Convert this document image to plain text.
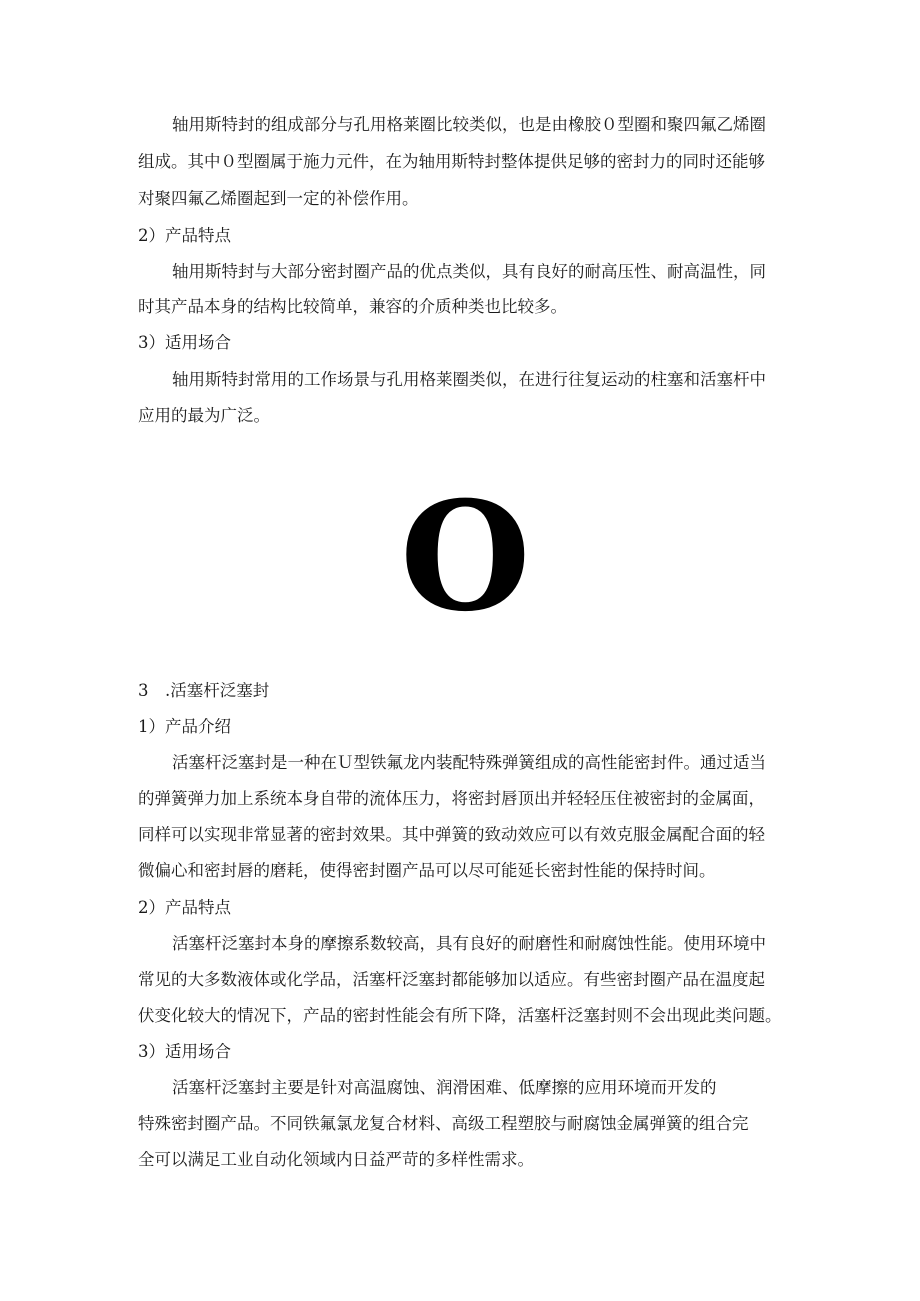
轴用斯特封的组成部分与孔用格莱圈比较类似，也是由橡胶０型圈和聚四氟乙烯圈

组成。其中０型圈属于施力元件，在为轴用斯特封整体提供足够的密封力的同时还能够

对聚四氟乙烯圈起到一定的补偿作用。

2）产品特点

轴用斯特封与大部分密封圈产品的优点类似，具有良好的耐高压性、耐高温性，同

时其产品本身的结构比较简单，兼容的介质种类也比较多。

3）适用场合

轴用斯特封常用的工作场景与孔用格莱圈类似，在进行往复运动的柱塞和活塞杆中

应用的最为广泛。

O

3　.活塞杆泛塞封

1）产品介绍

活塞杆泛塞封是一种在Ｕ型铁氟龙内装配特殊弹簧组成的高性能密封件。通过适当

的弹簧弹力加上系统本身自带的流体压力，将密封唇顶出并轻轻压住被密封的金属面，

同样可以实现非常显著的密封效果。其中弹簧的致动效应可以有效克服金属配合面的轻

微偏心和密封唇的磨耗，使得密封圈产品可以尽可能延长密封性能的保持时间。

2）产品特点

活塞杆泛塞封本身的摩擦系数较高，具有良好的耐磨性和耐腐蚀性能。使用环境中

常见的大多数液体或化学品，活塞杆泛塞封都能够加以适应。有些密封圈产品在温度起

伏变化较大的情况下，产品的密封性能会有所下降，活塞杆泛塞封则不会出现此类问题。

3）适用场合

活塞杆泛塞封主要是针对高温腐蚀、润滑困难、低摩擦的应用环境而开发的

特殊密封圈产品。不同铁氟氯龙复合材料、高级工程塑胶与耐腐蚀金属弹簧的组合完

全可以满足工业自动化领域内日益严苛的多样性需求。
